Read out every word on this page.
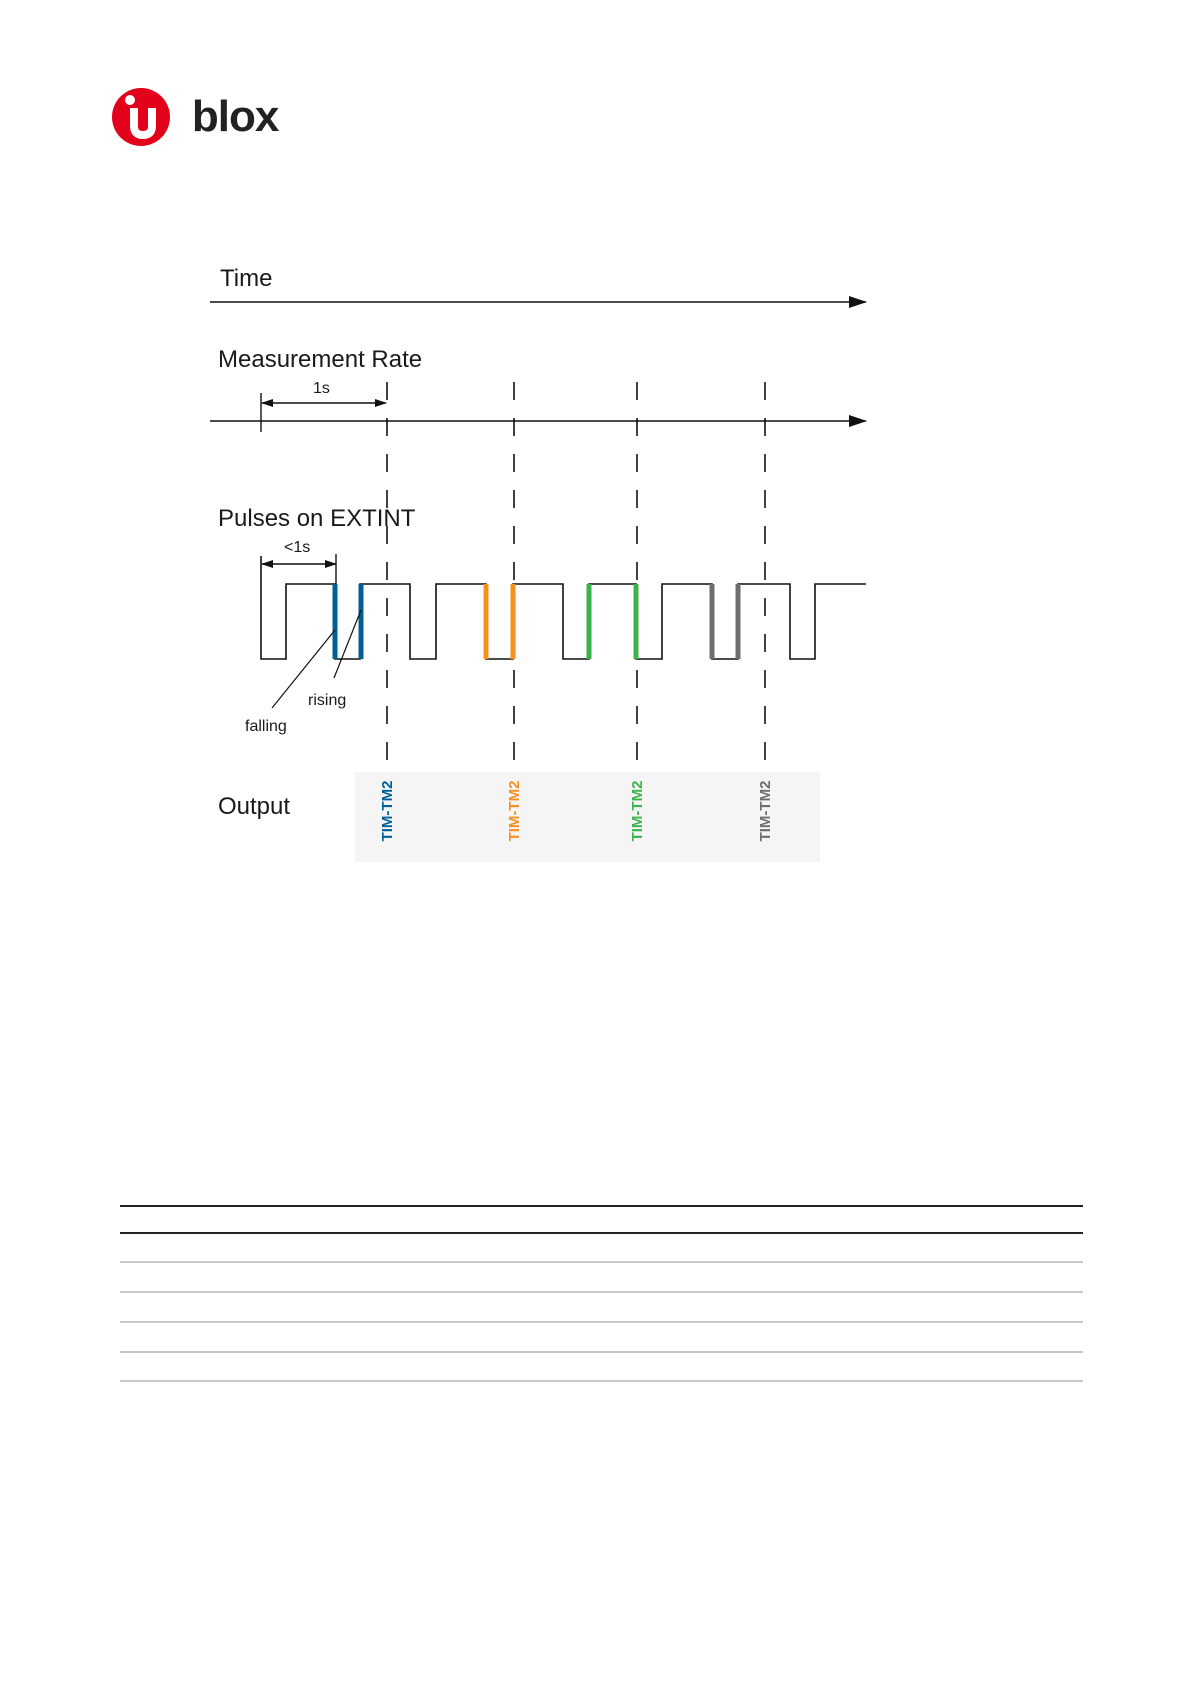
blox
Time
Measurement Rate
1s
Pulses on EXTINT
<1s
rising
falling
Output	TIM-TM2	TIM-TM2	TIM-TM2	TIM-TM2
